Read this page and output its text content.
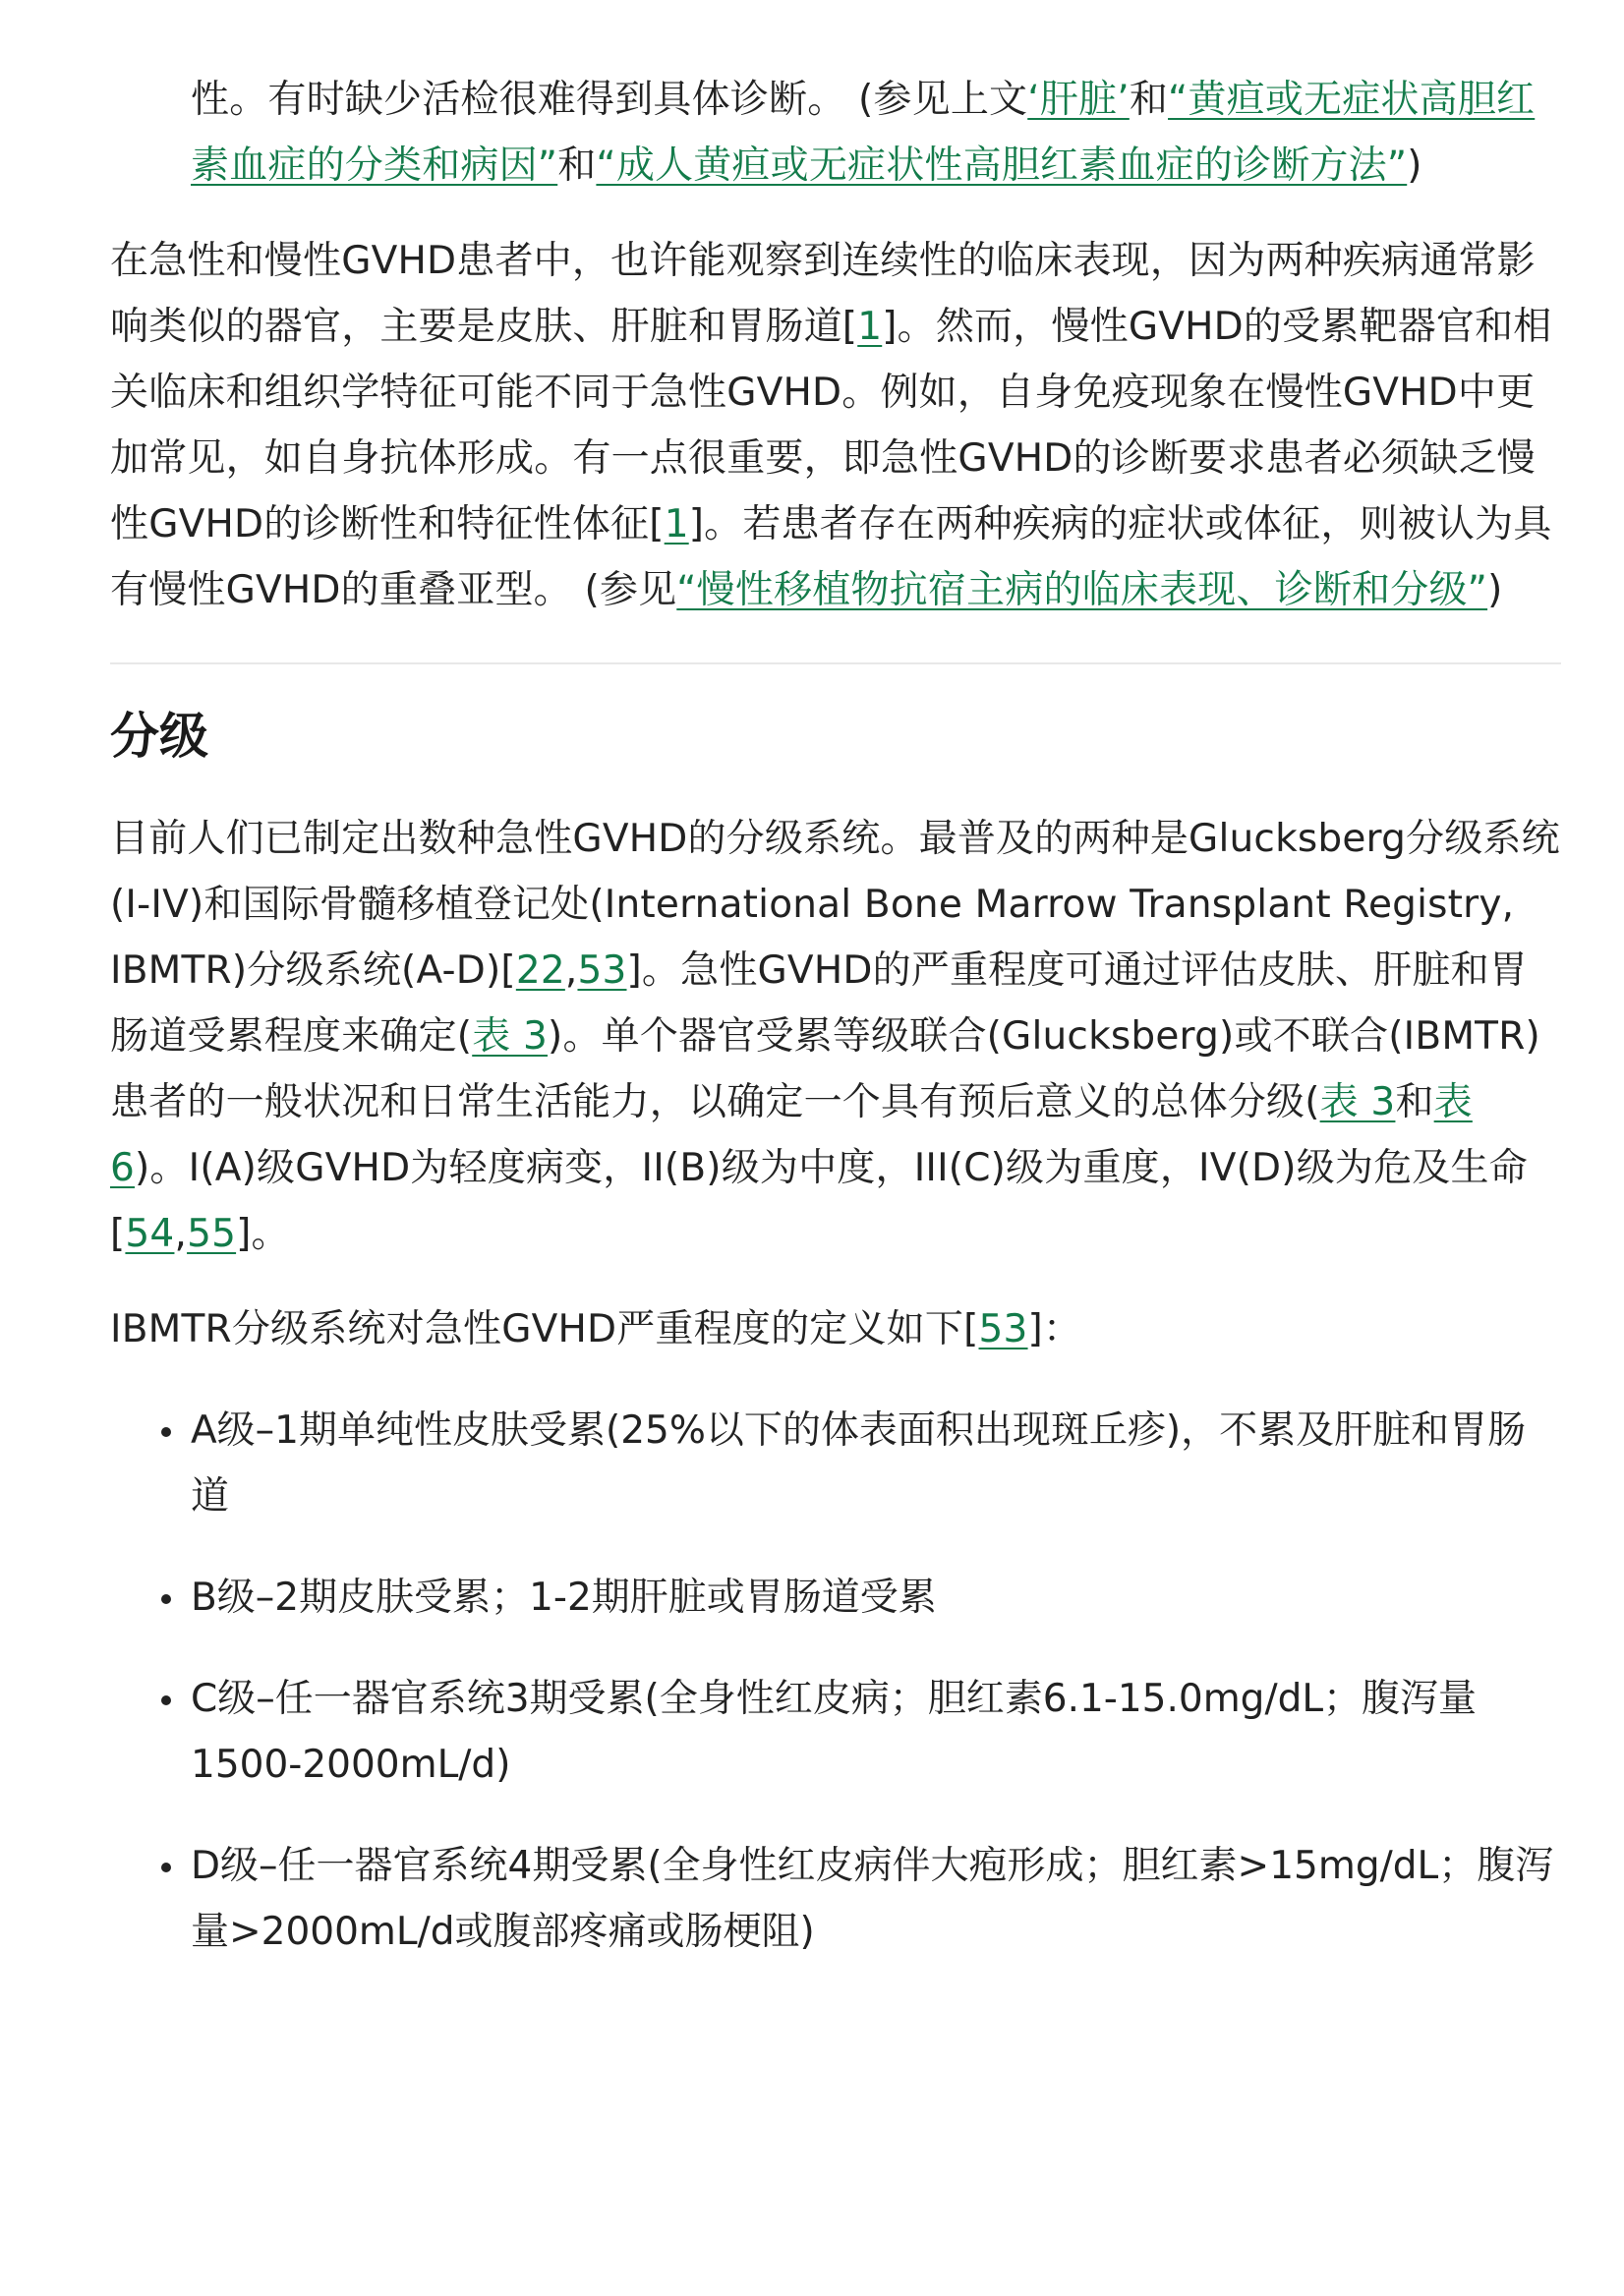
性。有时缺少活检很难得到具体诊断。 (参见上文‘肝脏’和“黄疸或无症状高胆红素血症的分类和病因”和“成人黄疸或无症状性高胆红素血症的诊断方法”)

在急性和慢性GVHD患者中，也许能观察到连续性的临床表现，因为两种疾病通常影响类似的器官，主要是皮肤、肝脏和胃肠道[1]。然而，慢性GVHD的受累靶器官和相关临床和组织学特征可能不同于急性GVHD。例如，自身免疫现象在慢性GVHD中更加常见，如自身抗体形成。有一点很重要，即急性GVHD的诊断要求患者必须缺乏慢性GVHD的诊断性和特征性体征[1]。若患者存在两种疾病的症状或体征，则被认为具有慢性GVHD的重叠亚型。 (参见“慢性移植物抗宿主病的临床表现、诊断和分级”)

分级

目前人们已制定出数种急性GVHD的分级系统。最普及的两种是Glucksberg分级系统(I-IV)和国际骨髓移植登记处(International Bone Marrow Transplant Registry, IBMTR)分级系统(A-D)[22,53]。急性GVHD的严重程度可通过评估皮肤、肝脏和胃肠道受累程度来确定(表 3)。单个器官受累等级联合(Glucksberg)或不联合(IBMTR)患者的一般状况和日常生活能力，以确定一个具有预后意义的总体分级(表 3和表 6)。I(A)级GVHD为轻度病变，II(B)级为中度，III(C)级为重度，IV(D)级为危及生命[54,55]。

IBMTR分级系统对急性GVHD严重程度的定义如下[53]：

A级–1期单纯性皮肤受累(25%以下的体表面积出现斑丘疹)，不累及肝脏和胃肠道
B级–2期皮肤受累；1-2期肝脏或胃肠道受累
C级–任一器官系统3期受累(全身性红皮病；胆红素6.1-15.0mg/dL；腹泻量1500-2000mL/d)
D级–任一器官系统4期受累(全身性红皮病伴大疱形成；胆红素>15mg/dL；腹泻量>2000mL/d或腹部疼痛或肠梗阻)
